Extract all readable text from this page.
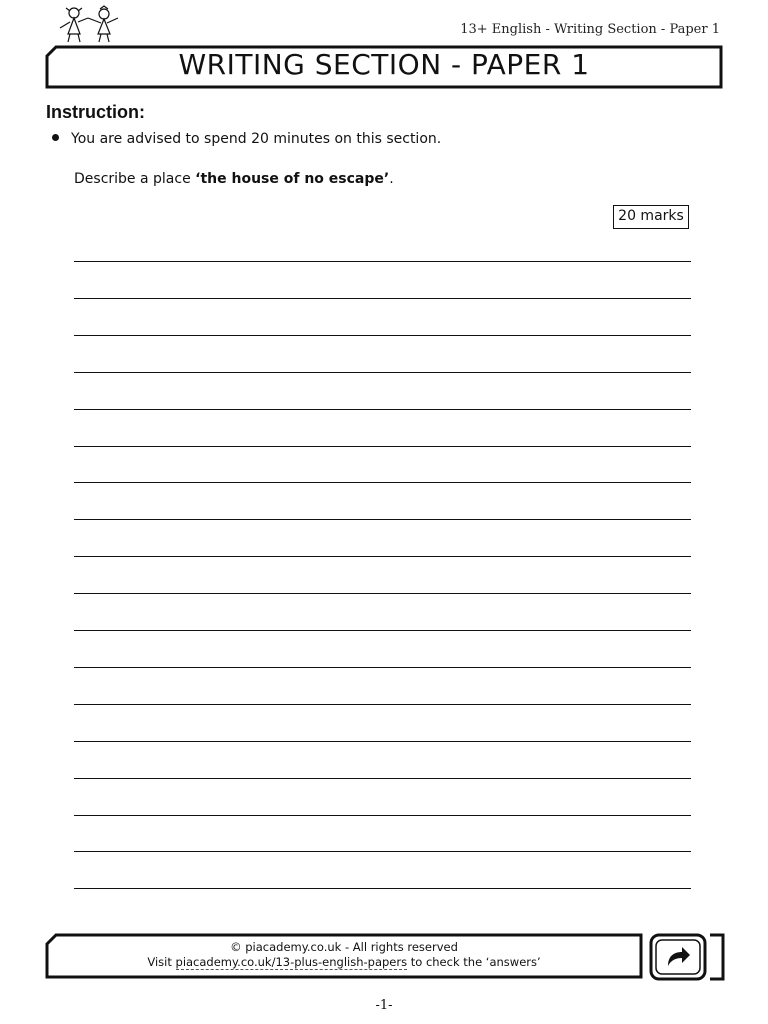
13+ English - Writing Section - Paper 1
WRITING SECTION - PAPER 1
Instruction:
You are advised to spend 20 minutes on this section.
Describe a place ‘the house of no escape’.
20 marks
© piacademy.co.uk - All rights reserved
Visit piacademy.co.uk/13-plus-english-papers to check the ‘answers’
-1-
